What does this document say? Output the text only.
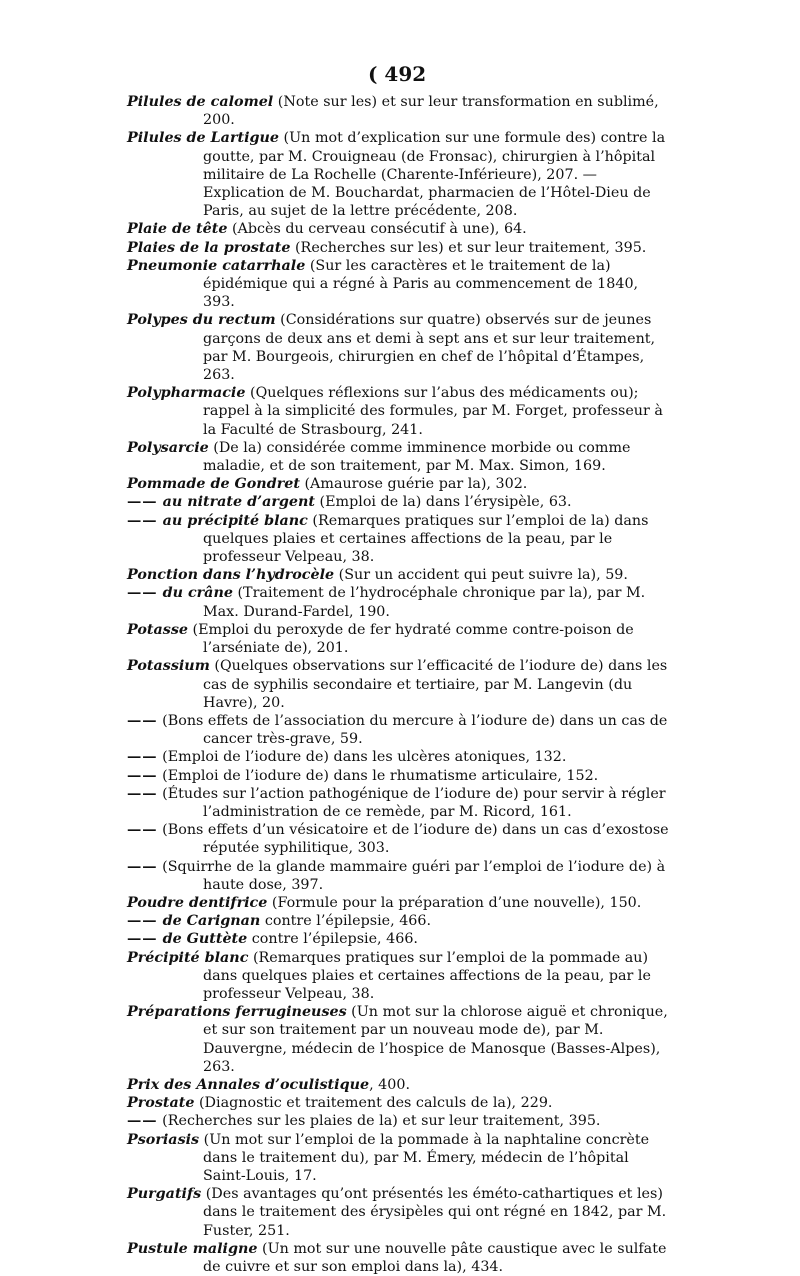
( 492

Pilules de calomel (Note sur les) et sur leur transformation en sublimé, 200.

Pilules de Lartigue (Un mot d’explication sur une formule des) contre la goutte, par M. Crouigneau (de Fronsac), chirurgien à l’hôpital militaire de La Rochelle (Charente-Inférieure), 207. — Explication de M. Bouchardat, pharmacien de l’Hôtel-Dieu de Paris, au sujet de la lettre précédente, 208.

Plaie de tête (Abcès du cerveau consécutif à une), 64.

Plaies de la prostate (Recherches sur les) et sur leur traitement, 395.

Pneumonie catarrhale (Sur les caractères et le traitement de la) épidémique qui a régné à Paris au commencement de 1840, 393.

Polypes du rectum (Considérations sur quatre) observés sur de jeunes garçons de deux ans et demi à sept ans et sur leur traitement, par M. Bourgeois, chirurgien en chef de l’hôpital d’Étampes, 263.

Polypharmacie (Quelques réflexions sur l’abus des médicaments ou); rappel à la simplicité des formules, par M. Forget, professeur à la Faculté de Strasbourg, 241.

Polysarcie (De la) considérée comme imminence morbide ou comme maladie, et de son traitement, par M. Max. Simon, 169.

Pommade de Gondret (Amaurose guérie par la), 302.

—— au nitrate d’argent (Emploi de la) dans l’érysipèle, 63.

—— au précipité blanc (Remarques pratiques sur l’emploi de la) dans quelques plaies et certaines affections de la peau, par le professeur Velpeau, 38.

Ponction dans l’hydrocèle (Sur un accident qui peut suivre la), 59.

—— du crâne (Traitement de l’hydrocéphale chronique par la), par M. Max. Durand-Fardel, 190.

Potasse (Emploi du peroxyde de fer hydraté comme contre-poison de l’arséniate de), 201.

Potassium (Quelques observations sur l’efficacité de l’iodure de) dans les cas de syphilis secondaire et tertiaire, par M. Langevin (du Havre), 20.

—— (Bons effets de l’association du mercure à l’iodure de) dans un cas de cancer très-grave, 59.

—— (Emploi de l’iodure de) dans les ulcères atoniques, 132.

—— (Emploi de l’iodure de) dans le rhumatisme articulaire, 152.

—— (Études sur l’action pathogénique de l’iodure de) pour servir à régler l’administration de ce remède, par M. Ricord, 161.

—— (Bons effets d’un vésicatoire et de l’iodure de) dans un cas d’exostose réputée syphilitique, 303.

—— (Squirrhe de la glande mammaire guéri par l’emploi de l’iodure de) à haute dose, 397.

Poudre dentifrice (Formule pour la préparation d’une nouvelle), 150.

—— de Carignan contre l’épilepsie, 466.

—— de Guttète contre l’épilepsie, 466.

Précipité blanc (Remarques pratiques sur l’emploi de la pommade au) dans quelques plaies et certaines affections de la peau, par le professeur Velpeau, 38.

Préparations ferrugineuses (Un mot sur la chlorose aiguë et chronique, et sur son traitement par un nouveau mode de), par M. Dauvergne, médecin de l’hospice de Manosque (Basses-Alpes), 263.

Prix des Annales d’oculistique, 400.

Prostate (Diagnostic et traitement des calculs de la), 229.

—— (Recherches sur les plaies de la) et sur leur traitement, 395.

Psoriasis (Un mot sur l’emploi de la pommade à la naphtaline concrète dans le traitement du), par M. Émery, médecin de l’hôpital Saint-Louis, 17.

Purgatifs (Des avantages qu’ont présentés les éméto-cathartiques et les) dans le traitement des érysipèles qui ont régné en 1842, par M. Fuster, 251.

Pustule maligne (Un mot sur une nouvelle pâte caustique avec le sulfate de cuivre et sur son emploi dans la), 434.
